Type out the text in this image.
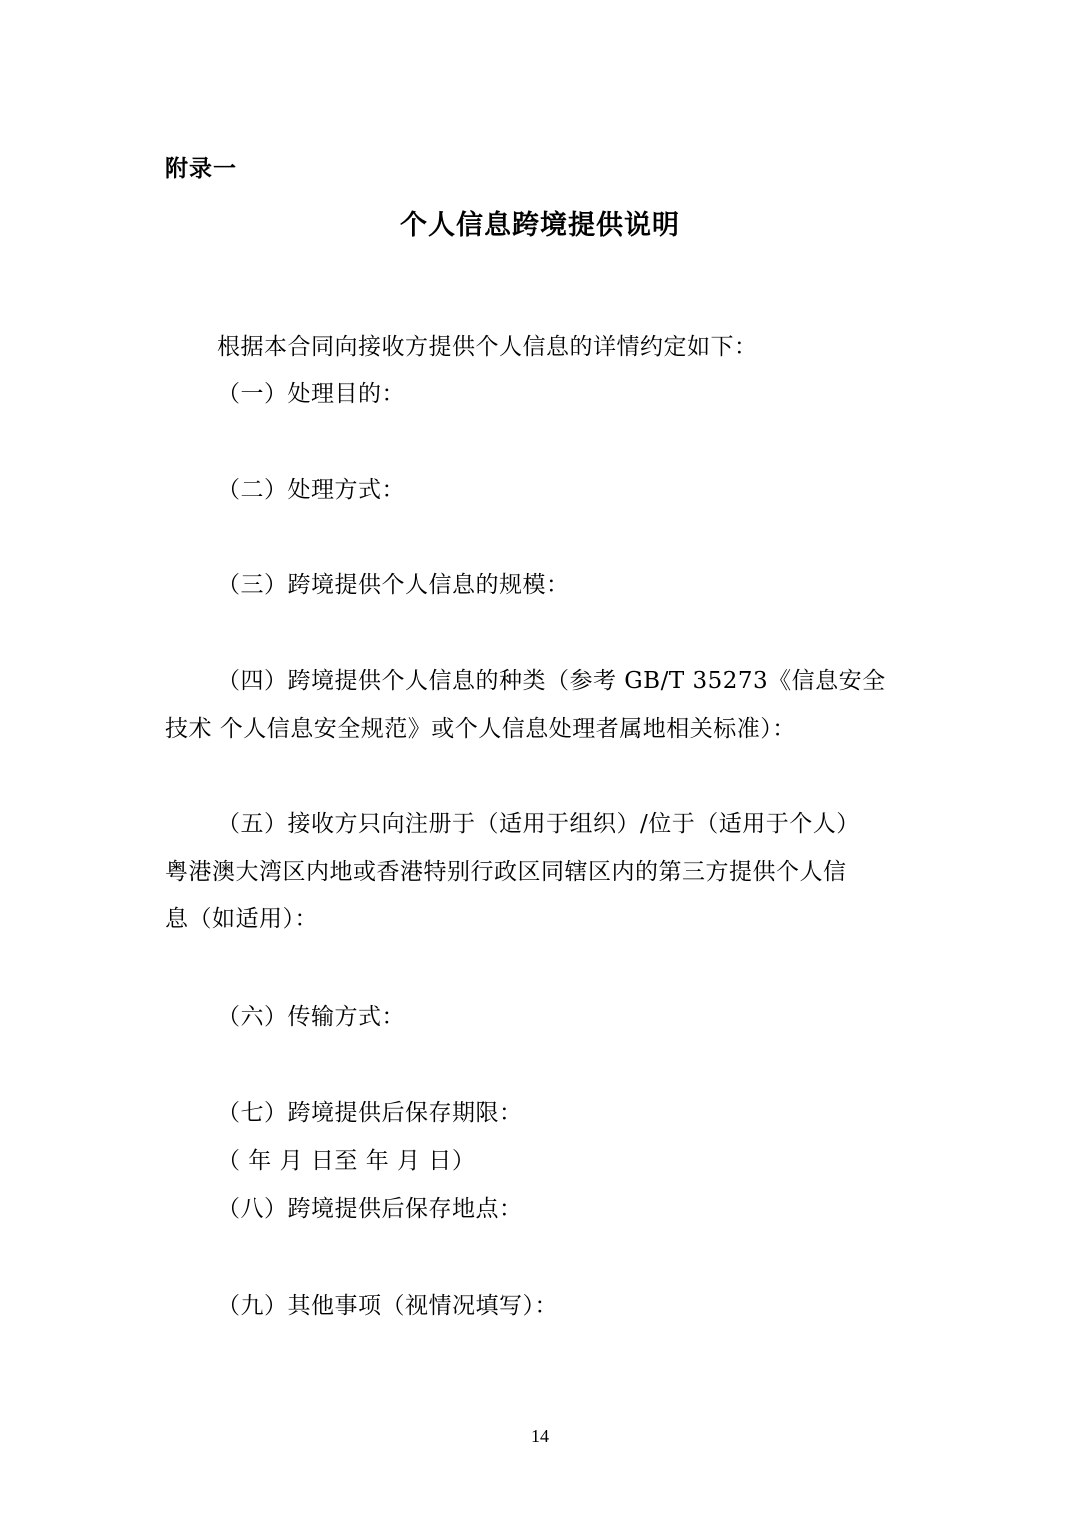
附录一
个人信息跨境提供说明
根据本合同向接收方提供个人信息的详情约定如下：
（一）处理目的：
（二）处理方式：
（三）跨境提供个人信息的规模：
（四）跨境提供个人信息的种类（参考 GB/T 35273《信息安全
技术 个人信息安全规范》或个人信息处理者属地相关标准）：
（五）接收方只向注册于（适用于组织）/位于（适用于个人）
粤港澳大湾区内地或香港特别行政区同辖区内的第三方提供个人信
息（如适用）：
（六）传输方式：
（七）跨境提供后保存期限：
（ 年 月 日至 年 月 日）
（八）跨境提供后保存地点：
（九）其他事项（视情况填写）：
14
